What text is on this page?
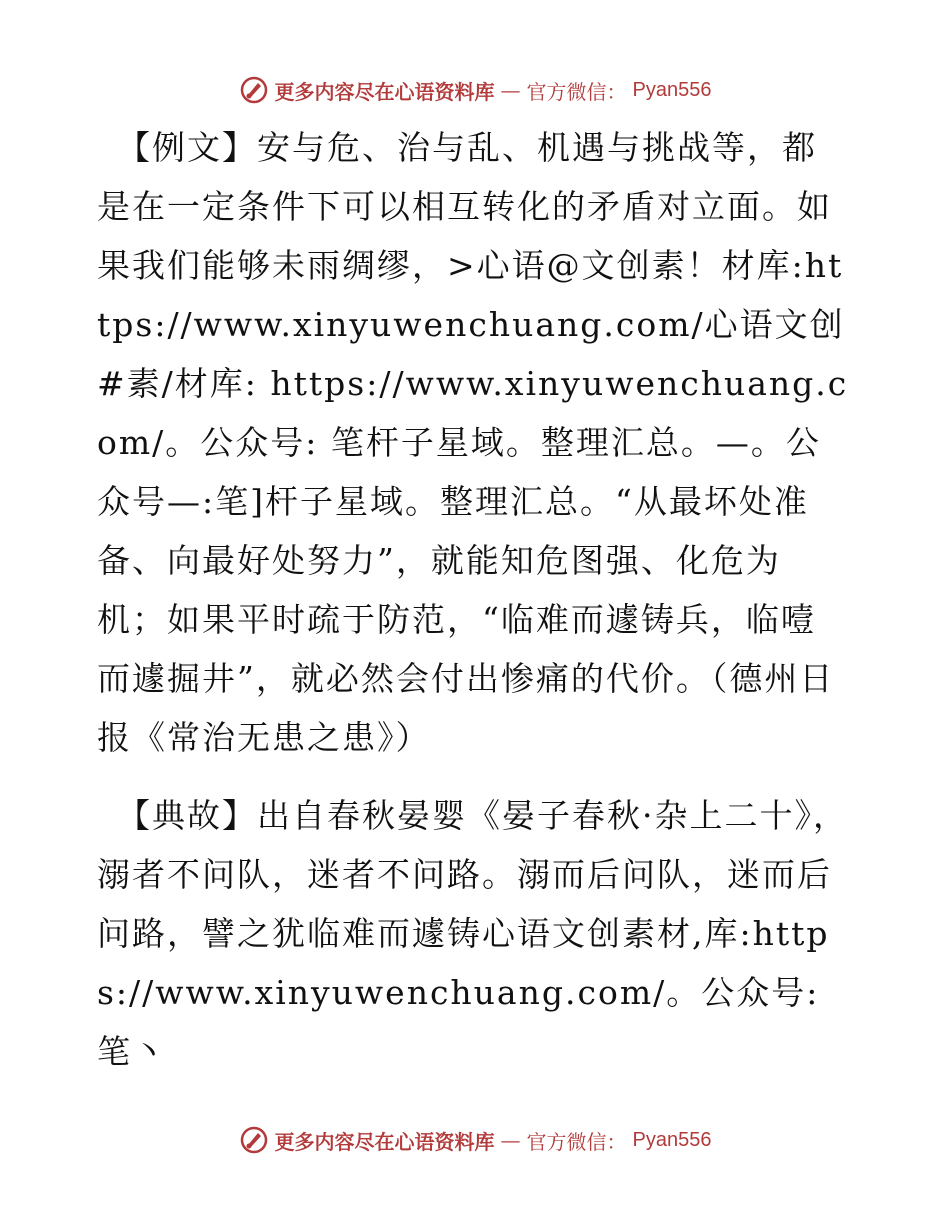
更多内容尽在心语资料库 — 官方微信： Pyan556

【例文】安与危、治与乱、机遇与挑战等，都是在一定条件下可以相互转化的矛盾对立面。如果我们能够未雨绸缪，>心语@文创素！材库:https://www.xinyuwenchuang.com/心语文创#素/材库: https://www.xinyuwenchuang.com/。公众号: 笔杆子星域。整理汇总。—。公众号—:笔]杆子星域。整理汇总。“从最坏处准备、向最好处努力”，就能知危图强、化危为机；如果平时疏于防范，“临难而遽铸兵，临噎而遽掘井”，就必然会付出惨痛的代价。（德州日报《常治无患之患》）

【典故】出自春秋晏婴《晏子春秋·杂上二十》，溺者不问队，迷者不问路。溺而后问队，迷而后问路，譬之犹临难而遽铸心语文创素材,库:https://www.xinyuwenchuang.com/。公众号: 笔丶

更多内容尽在心语资料库 — 官方微信： Pyan556
